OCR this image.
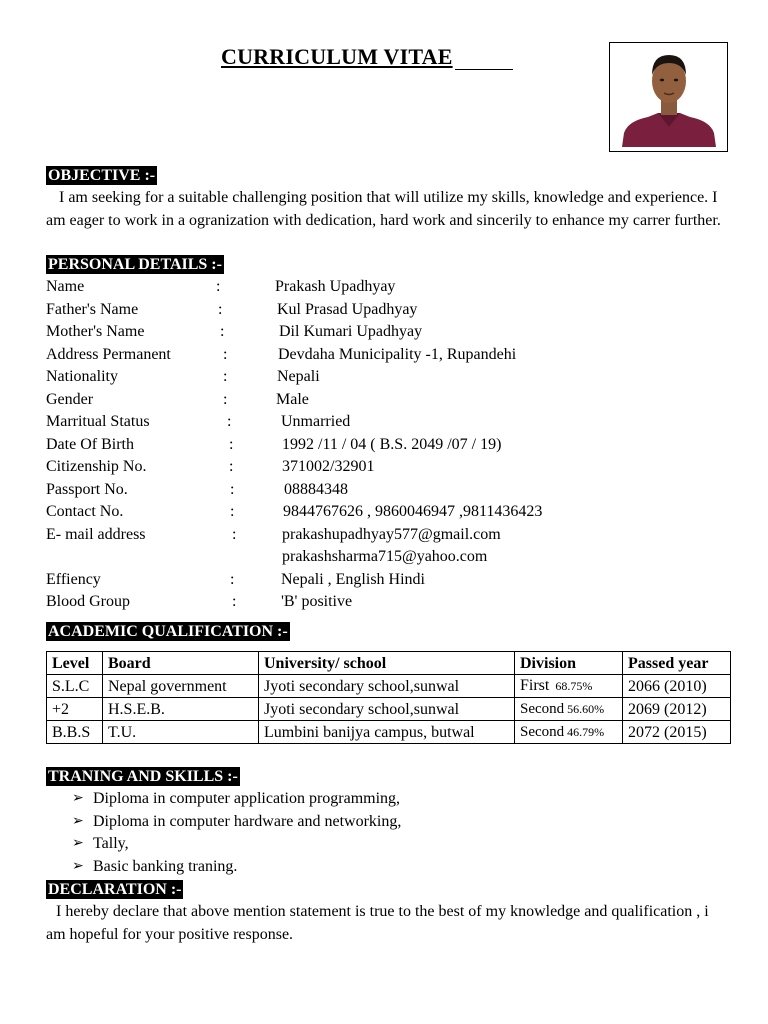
CURRICULUM VITAE
OBJECTIVE :-
I am seeking for a suitable challenging position that will utilize my skills, knowledge and experience. I am eager to work in a ogranization with dedication, hard work and sincerily to enhance my carrer further.
PERSONAL DETAILS :-
Name	:	Prakash Upadhyay
Father's Name	:	Kul Prasad Upadhyay
Mother's Name	:	Dil Kumari Upadhyay
Address Permanent	:	Devdaha Municipality -1, Rupandehi
Nationality	:	Nepali
Gender	:	Male
Marritual Status	:	Unmarried
Date Of Birth	:	1992 /11 / 04 ( B.S. 2049 /07 / 19)
Citizenship No.	:	371002/32901
Passport No.	:	08884348
Contact No.	:	9844767626 , 9860046947 ,9811436423
E- mail address	:	prakashupadhyay577@gmail.com
prakashsharma715@yahoo.com
Effiency	:	Nepali , English Hindi
Blood Group	:	'B' positive
ACADEMIC QUALIFICATION :-
Level	Board	University/ school	Division	Passed year
S.L.C	Nepal government	Jyoti secondary school,sunwal	First 68.75%	2066 (2010)
+2	H.S.E.B.	Jyoti secondary school,sunwal	Second 56.60%	2069 (2012)
B.B.S	T.U.	Lumbini banijya campus, butwal	Second 46.79%	2072 (2015)
TRANING AND SKILLS :-
➢ Diploma in computer application programming,
➢ Diploma in computer hardware and networking,
➢ Tally,
➢ Basic banking traning.
DECLARATION :-
I hereby declare that above mention statement is true to the best of my knowledge and qualification , i am hopeful for your positive response.
